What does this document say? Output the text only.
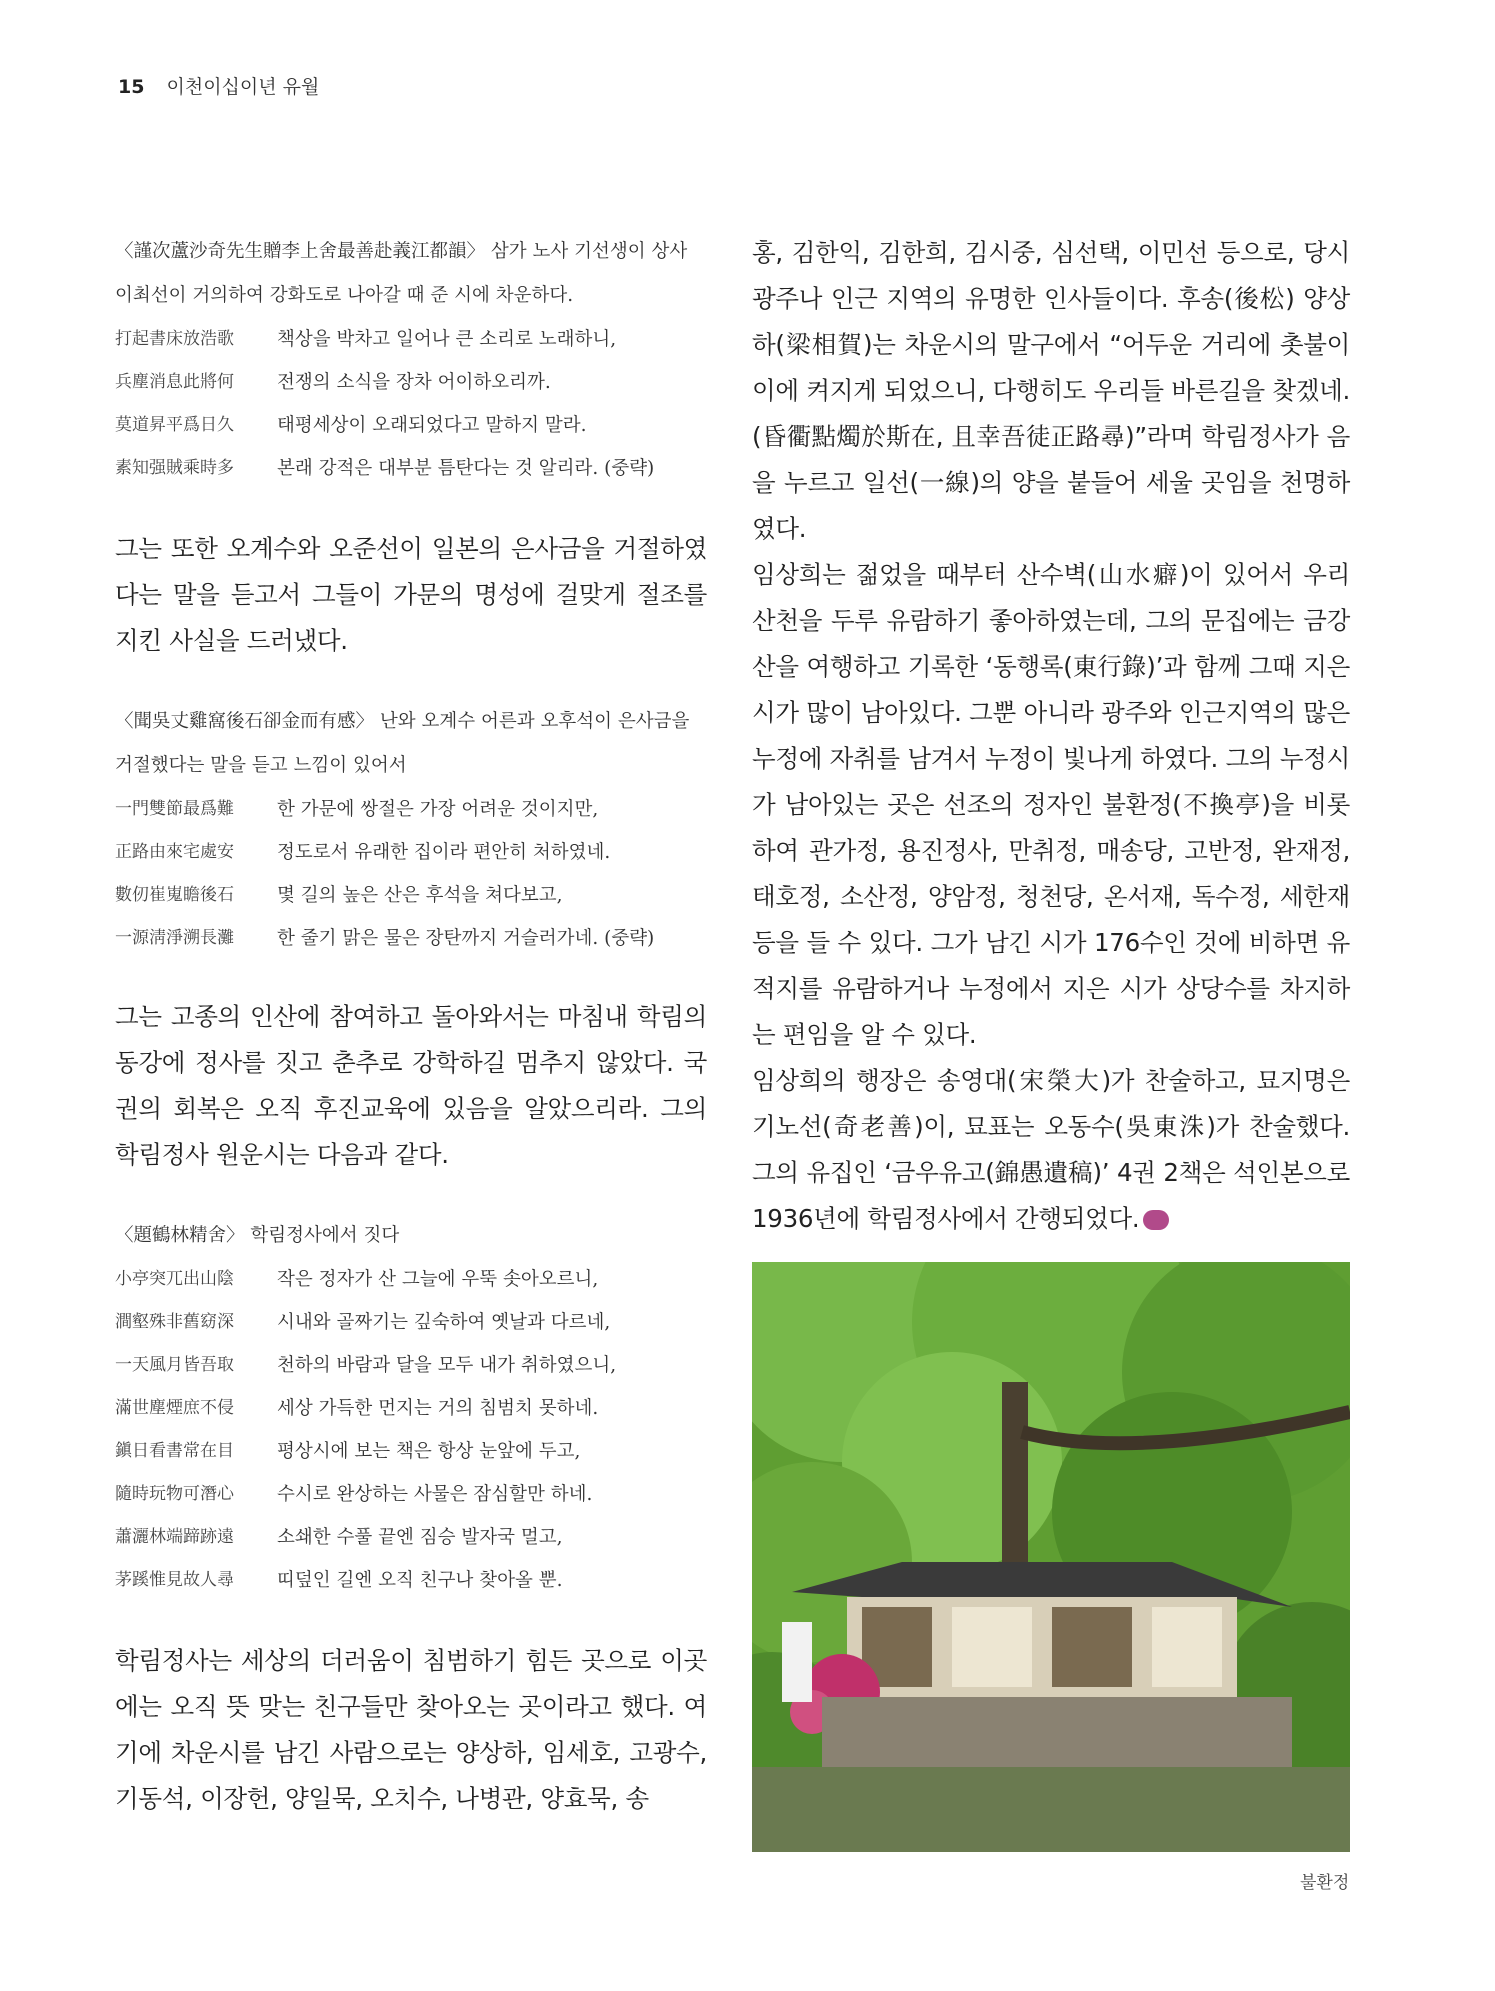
15 이천이십이년 유월
〈謹次蘆沙奇先生贈李上舍最善赴義江都韻〉 삼가 노사 기선생이 상사 이최선이 거의하여 강화도로 나아갈 때 준 시에 차운하다.
打起書床放浩歌	책상을 박차고 일어나 큰 소리로 노래하니,
兵塵消息此將何	전쟁의 소식을 장차 어이하오리까.
莫道昇平爲日久	태평세상이 오래되었다고 말하지 말라.
素知强賊乘時多	본래 강적은 대부분 틈탄다는 것 알리라. (중략)
그는 또한 오계수와 오준선이 일본의 은사금을 거절하였다는 말을 듣고서 그들이 가문의 명성에 걸맞게 절조를 지킨 사실을 드러냈다.
〈聞吳丈雞窩後石卻金而有感〉 난와 오계수 어른과 오후석이 은사금을 거절했다는 말을 듣고 느낌이 있어서
一門雙節最爲難	한 가문에 쌍절은 가장 어려운 것이지만,
正路由來宅處安	정도로서 유래한 집이라 편안히 처하였네.
數仞崔嵬瞻後石	몇 길의 높은 산은 후석을 쳐다보고,
一源淸淨溯長灘	한 줄기 맑은 물은 장탄까지 거슬러가네. (중략)
그는 고종의 인산에 참여하고 돌아와서는 마침내 학림의 동강에 정사를 짓고 춘추로 강학하길 멈추지 않았다. 국권의 회복은 오직 후진교육에 있음을 알았으리라. 그의 학림정사 원운시는 다음과 같다.
〈題鶴林精舍〉 학림정사에서 짓다
小亭突兀出山陰	작은 정자가 산 그늘에 우뚝 솟아오르니,
澗壑殊非舊窈深	시내와 골짜기는 깊숙하여 옛날과 다르네,
一天風月皆吾取	천하의 바람과 달을 모두 내가 취하였으니,
滿世塵煙庶不侵	세상 가득한 먼지는 거의 침범치 못하네.
鎭日看書常在目	평상시에 보는 책은 항상 눈앞에 두고,
隨時玩物可潛心	수시로 완상하는 사물은 잠심할만 하네.
蕭灑林端蹄跡遠	소쇄한 수풀 끝엔 짐승 발자국 멀고,
茅蹊惟見故人尋	띠덮인 길엔 오직 친구나 찾아올 뿐.
학림정사는 세상의 더러움이 침범하기 힘든 곳으로 이곳에는 오직 뜻 맞는 친구들만 찾아오는 곳이라고 했다. 여기에 차운시를 남긴 사람으로는 양상하, 임세호, 고광수, 기동석, 이장헌, 양일묵, 오치수, 나병관, 양효묵, 송
홍, 김한익, 김한희, 김시중, 심선택, 이민선 등으로, 당시 광주나 인근 지역의 유명한 인사들이다. 후송(後松) 양상하(梁相賀)는 차운시의 말구에서 “어두운 거리에 촛불이 이에 켜지게 되었으니, 다행히도 우리들 바른길을 찾겠네.(昏衢點燭於斯在, 且幸吾徒正路尋)”라며 학림정사가 음을 누르고 일선(一線)의 양을 붙들어 세울 곳임을 천명하였다.
임상희는 젊었을 때부터 산수벽(山水癖)이 있어서 우리 산천을 두루 유람하기 좋아하였는데, 그의 문집에는 금강산을 여행하고 기록한 ‘동행록(東行錄)’과 함께 그때 지은 시가 많이 남아있다. 그뿐 아니라 광주와 인근지역의 많은 누정에 자취를 남겨서 누정이 빛나게 하였다. 그의 누정시가 남아있는 곳은 선조의 정자인 불환정(不換亭)을 비롯하여 관가정, 용진정사, 만취정, 매송당, 고반정, 완재정, 태호정, 소산정, 양암정, 청천당, 온서재, 독수정, 세한재 등을 들 수 있다. 그가 남긴 시가 176수인 것에 비하면 유적지를 유람하거나 누정에서 지은 시가 상당수를 차지하는 편임을 알 수 있다.
임상희의 행장은 송영대(宋榮大)가 찬술하고, 묘지명은 기노선(奇老善)이, 묘표는 오동수(吳東洙)가 찬술했다. 그의 유집인 ‘금우유고(錦愚遺稿)’ 4권 2책은 석인본으로 1936년에 학림정사에서 간행되었다.
불환정
